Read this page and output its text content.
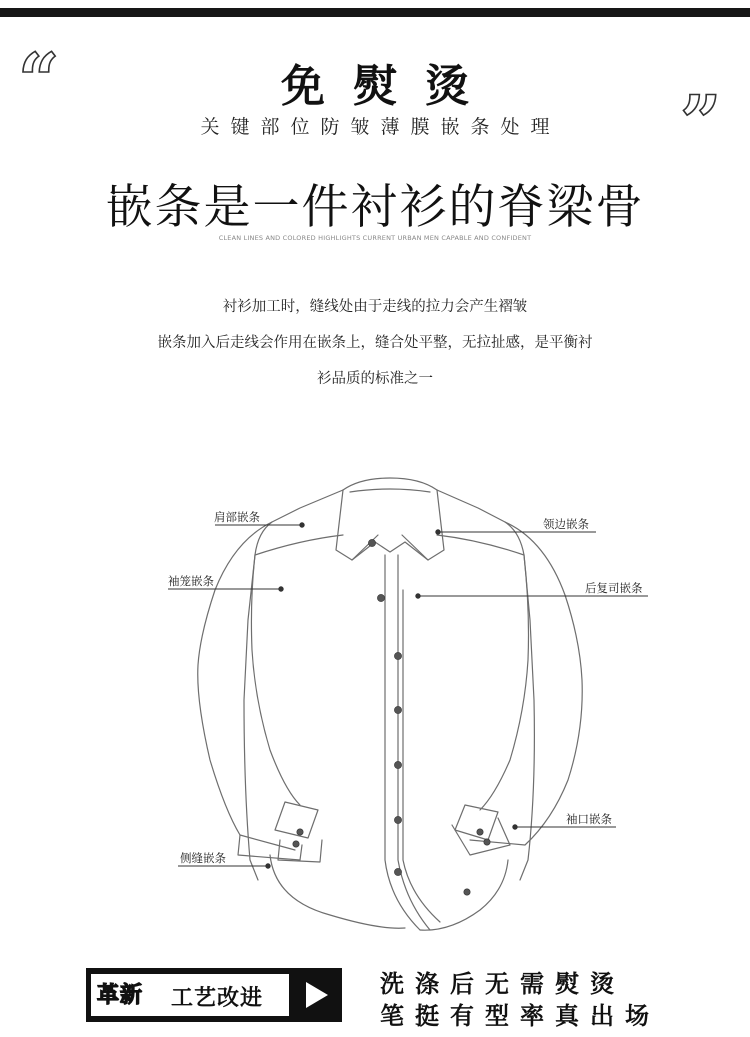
“	”
免熨烫
关键部位防皱薄膜嵌条处理
嵌条是一件衬衫的脊梁骨
CLEAN LINES AND COLORED HIGHLIGHTS CURRENT URBAN MEN CAPABLE AND CONFIDENT
衬衫加工时，缝线处由于走线的拉力会产生褶皱
嵌条加入后走线会作用在嵌条上，缝合处平整，无拉扯感，是平衡衬
衫品质的标准之一
肩部嵌条
袖笼嵌条
侧缝嵌条
领边嵌条
后复司嵌条
袖口嵌条
革新 工艺改进
洗涤后无需熨烫
笔挺有型率真出场
